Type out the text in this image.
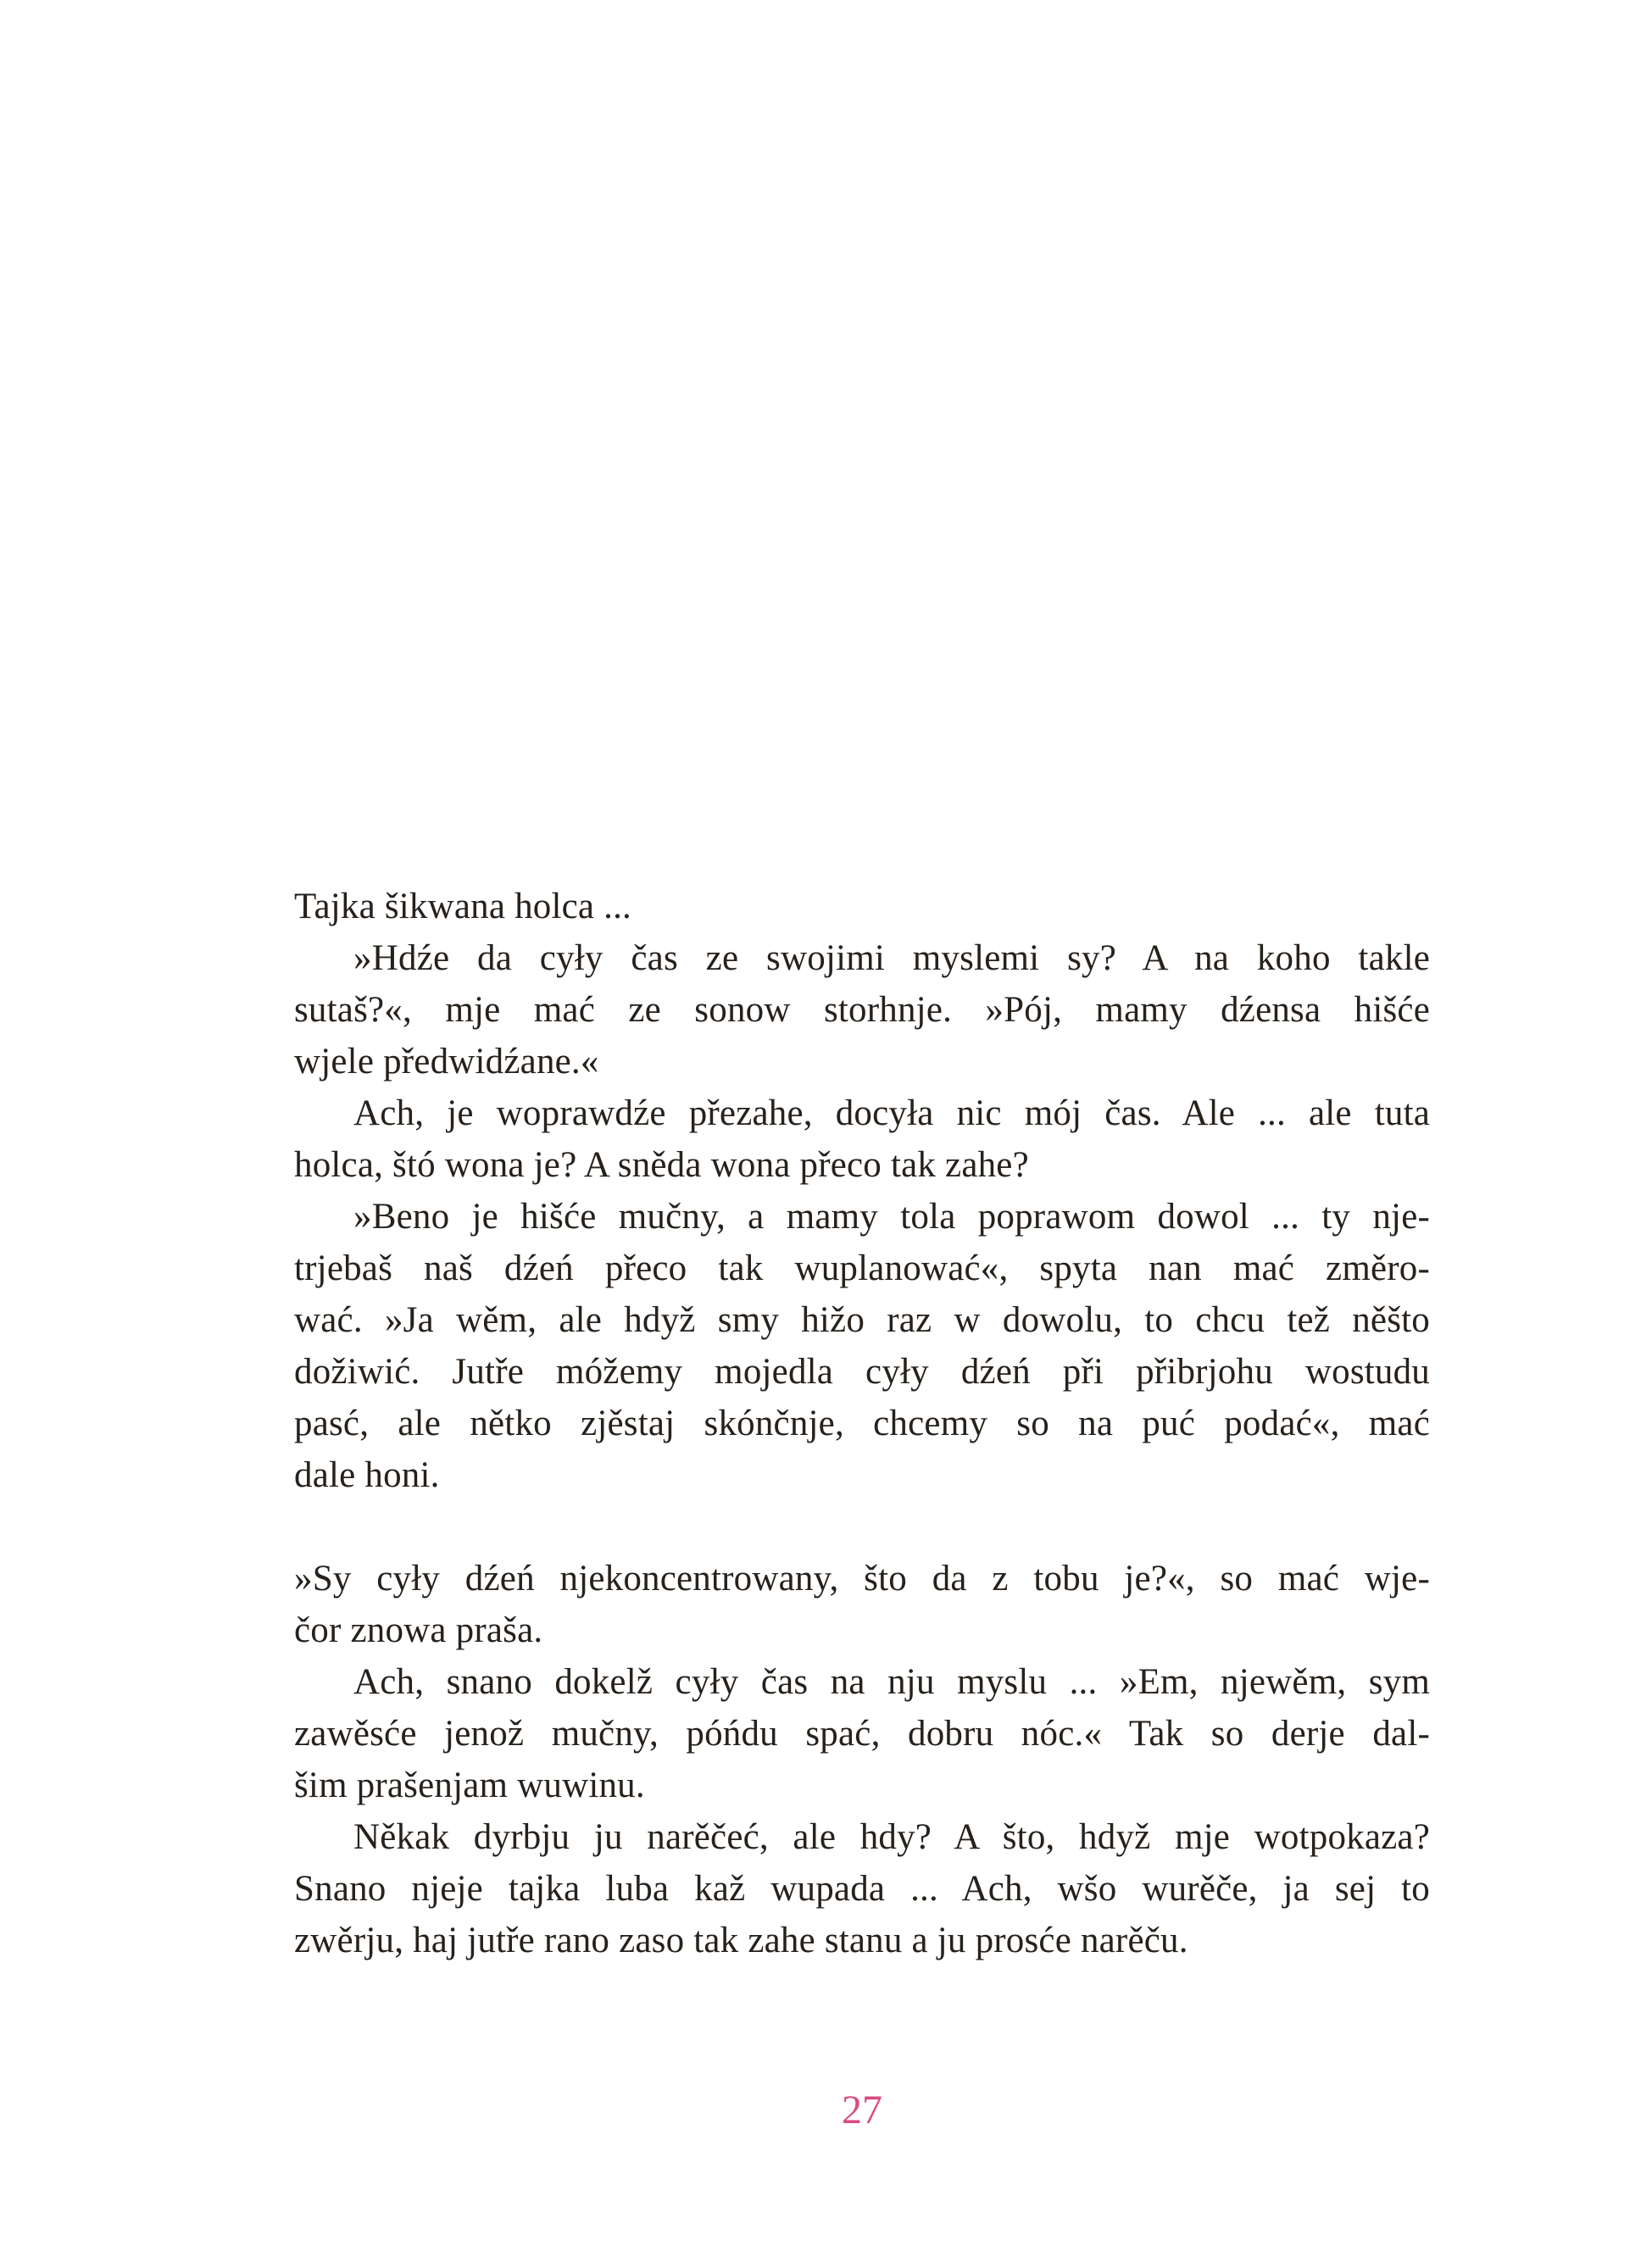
Tajka šikwana holca ...
»Hdźe da cyły čas ze swojimi myslemi sy? A na koho takle
sutaš?«, mje mać ze sonow storhnje. »Pój, mamy dźensa hišće
wjele předwidźane.«
Ach, je woprawdźe přezahe, docyła nic mój čas. Ale ... ale tuta
holca, štó wona je? A sněda wona přeco tak zahe?
»Beno je hišće mučny, a mamy tola poprawom dowol ... ty nje-
trjebaš naš dźeń přeco tak wuplanować«, spyta nan mać změro-
wać. »Ja wěm, ale hdyž smy hižo raz w dowolu, to chcu tež něšto
dožiwić. Jutře móžemy mojedla cyły dźeń při přibrjohu wostudu
pasć, ale nětko zjěstaj skónčnje, chcemy so na puć podać«, mać
dale honi.
»Sy cyły dźeń njekoncentrowany, što da z tobu je?«, so mać wje-
čor znowa praša.
Ach, snano dokelž cyły čas na nju myslu ... »Em, njewěm, sym
zawěsće jenož mučny, póńdu spać, dobru nóc.« Tak so derje dal-
šim prašenjam wuwinu.
Někak dyrbju ju narěčeć, ale hdy? A što, hdyž mje wotpokaza?
Snano njeje tajka luba kaž wupada ... Ach, wšo wurěče, ja sej to
zwěrju, haj jutře rano zaso tak zahe stanu a ju prosće narěču.
27
